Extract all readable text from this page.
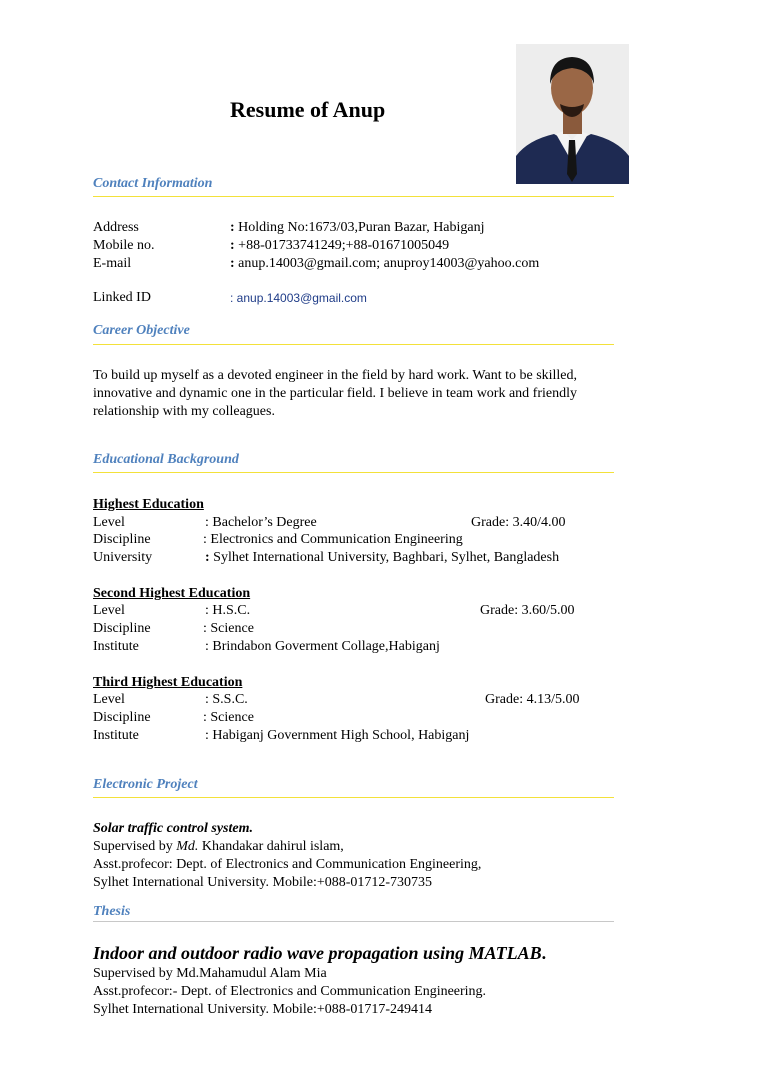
Resume of Anup
Contact Information
Address	: Holding No:1673/03,Puran Bazar, Habiganj
Mobile no.	: +88-01733741249;+88-01671005049
E-mail	: anup.14003@gmail.com; anuproy14003@yahoo.com
Linked ID	: anup.14003@gmail.com
Career Objective
To build up myself as a devoted engineer in the field by hard work. Want to be skilled,
innovative and dynamic one in the particular field. I believe in team work and friendly
relationship with my colleagues.
Educational Background
Highest Education
Level	: Bachelor’s Degree	Grade: 3.40/4.00
Discipline	: Electronics and Communication Engineering
University	: Sylhet International University, Baghbari, Sylhet, Bangladesh
Second Highest Education
Level	: H.S.C.	Grade: 3.60/5.00
Discipline	: Science
Institute	: Brindabon Goverment Collage,Habiganj
Third Highest Education
Level	: S.S.C.	Grade: 4.13/5.00
Discipline	: Science
Institute	: Habiganj Government High School, Habiganj
Electronic Project
Solar traffic control system.
Supervised by Md. Khandakar dahirul islam,
Asst.profecor: Dept. of Electronics and Communication Engineering,
Sylhet International University. Mobile:+088-01712-730735
Thesis
Indoor and outdoor radio wave propagation using MATLAB.
Supervised by Md.Mahamudul Alam Mia
Asst.profecor:- Dept. of Electronics and Communication Engineering.
Sylhet International University. Mobile:+088-01717-249414
